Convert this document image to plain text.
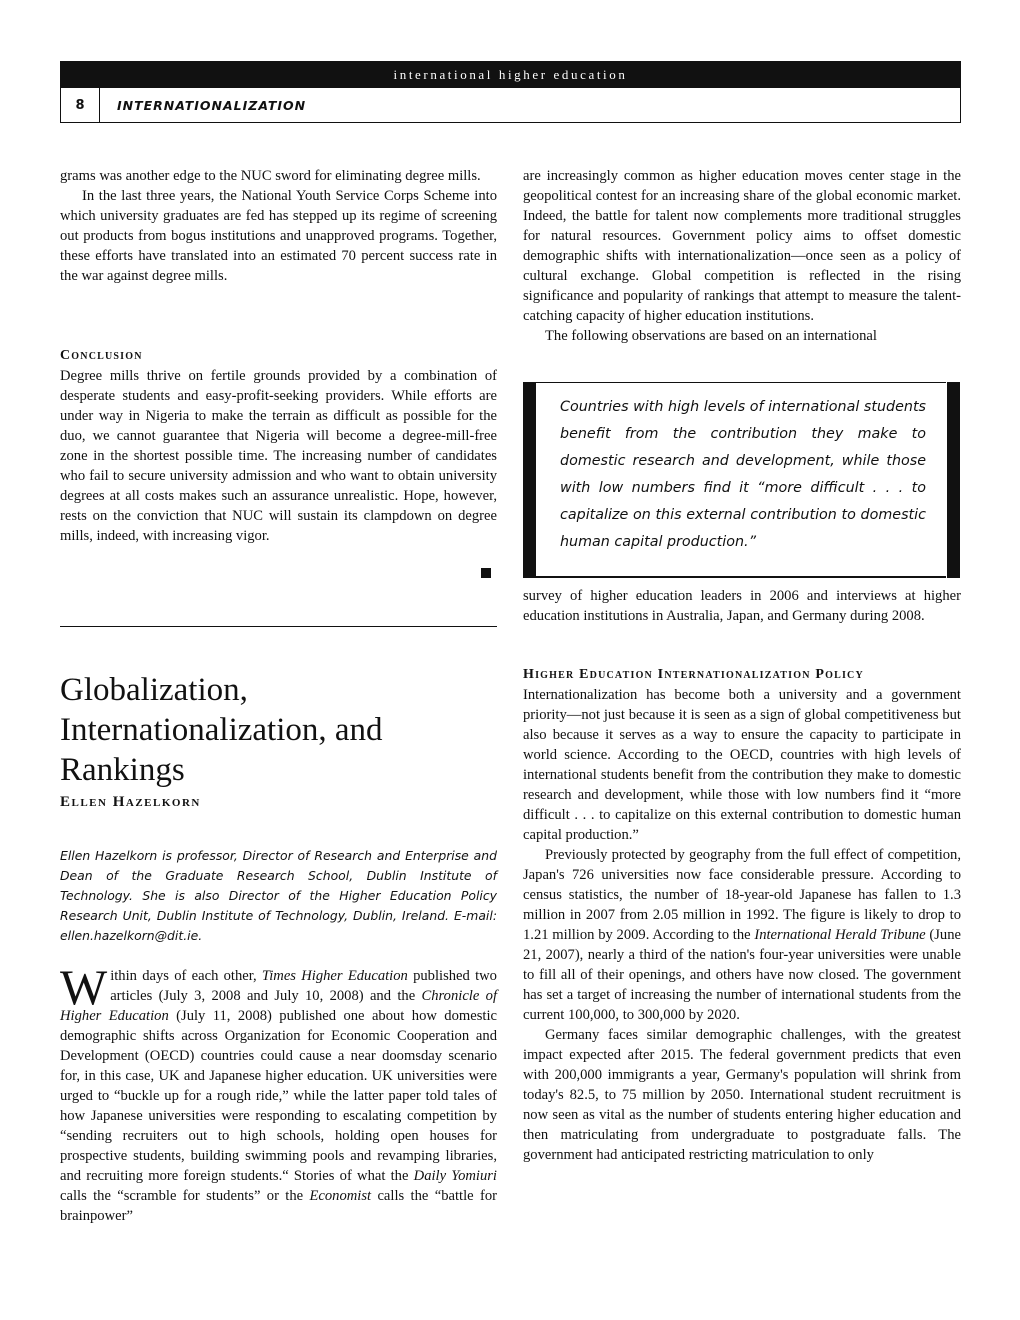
international higher education
8	INTERNATIONALIZATION

grams was another edge to the NUC sword for eliminating degree mills.

In the last three years, the National Youth Service Corps Scheme into which university graduates are fed has stepped up its regime of screening out products from bogus institutions and unapproved programs. Together, these efforts have translated into an estimated 70 percent success rate in the war against degree mills.

Conclusion

Degree mills thrive on fertile grounds provided by a combination of desperate students and easy-profit-seeking providers. While efforts are under way in Nigeria to make the terrain as difficult as possible for the duo, we cannot guarantee that Nigeria will become a degree-mill-free zone in the shortest possible time. The increasing number of candidates who fail to secure university admission and who want to obtain university degrees at all costs makes such an assurance unrealistic. Hope, however, rests on the conviction that NUC will sustain its clampdown on degree mills, indeed, with increasing vigor.

Globalization,
Internationalization, and
Rankings
Ellen Hazelkorn
Ellen Hazelkorn is professor, Director of Research and Enterprise and Dean of the Graduate Research School, Dublin Institute of Technology. She is also Director of the Higher Education Policy Research Unit, Dublin Institute of Technology, Dublin, Ireland. E-mail: ellen.hazelkorn@dit.ie.

Within days of each other, Times Higher Education published two articles (July 3, 2008 and July 10, 2008) and the Chronicle of Higher Education (July 11, 2008) published one about how domestic demographic shifts across Organization for Economic Cooperation and Development (OECD) countries could cause a near doomsday scenario for, in this case, UK and Japanese higher education. UK universities were urged to “buckle up for a rough ride,” while the latter paper told tales of how Japanese universities were responding to escalating competition by “sending recruiters out to high schools, holding open houses for prospective students, building swimming pools and revamping libraries, and recruiting more foreign students.“ Stories of what the Daily Yomiuri calls the “scramble for students” or the Economist calls the “battle for brainpower”

are increasingly common as higher education moves center stage in the geopolitical contest for an increasing share of the global economic market. Indeed, the battle for talent now complements more traditional struggles for natural resources. Government policy aims to offset domestic demographic shifts with internationalization—once seen as a policy of cultural exchange. Global competition is reflected in the rising significance and popularity of rankings that attempt to measure the talent-catching capacity of higher education institutions.

The following observations are based on an international

Countries with high levels of international students benefit from the contribution they make to domestic research and development, while those with low numbers find it “more difficult . . . to capitalize on this external contribution to domestic human capital production.”

survey of higher education leaders in 2006 and interviews at higher education institutions in Australia, Japan, and Germany during 2008.

Higher Education Internationalization Policy

Internationalization has become both a university and a government priority—not just because it is seen as a sign of global competitiveness but also because it serves as a way to ensure the capacity to participate in world science. According to the OECD, countries with high levels of international students benefit from the contribution they make to domestic research and development, while those with low numbers find it “more difficult . . . to capitalize on this external contribution to domestic human capital production.”

Previously protected by geography from the full effect of competition, Japan's 726 universities now face considerable pressure. According to census statistics, the number of 18-year-old Japanese has fallen to 1.3 million in 2007 from 2.05 million in 1992. The figure is likely to drop to 1.21 million by 2009. According to the International Herald Tribune (June 21, 2007), nearly a third of the nation's four-year universities were unable to fill all of their openings, and others have now closed. The government has set a target of increasing the number of international students from the current 100,000, to 300,000 by 2020.

Germany faces similar demographic challenges, with the greatest impact expected after 2015. The federal government predicts that even with 200,000 immigrants a year, Germany's population will shrink from today's 82.5, to 75 million by 2050. International student recruitment is now seen as vital as the number of students entering higher education and then matriculating from undergraduate to postgraduate falls. The government had anticipated restricting matriculation to only
